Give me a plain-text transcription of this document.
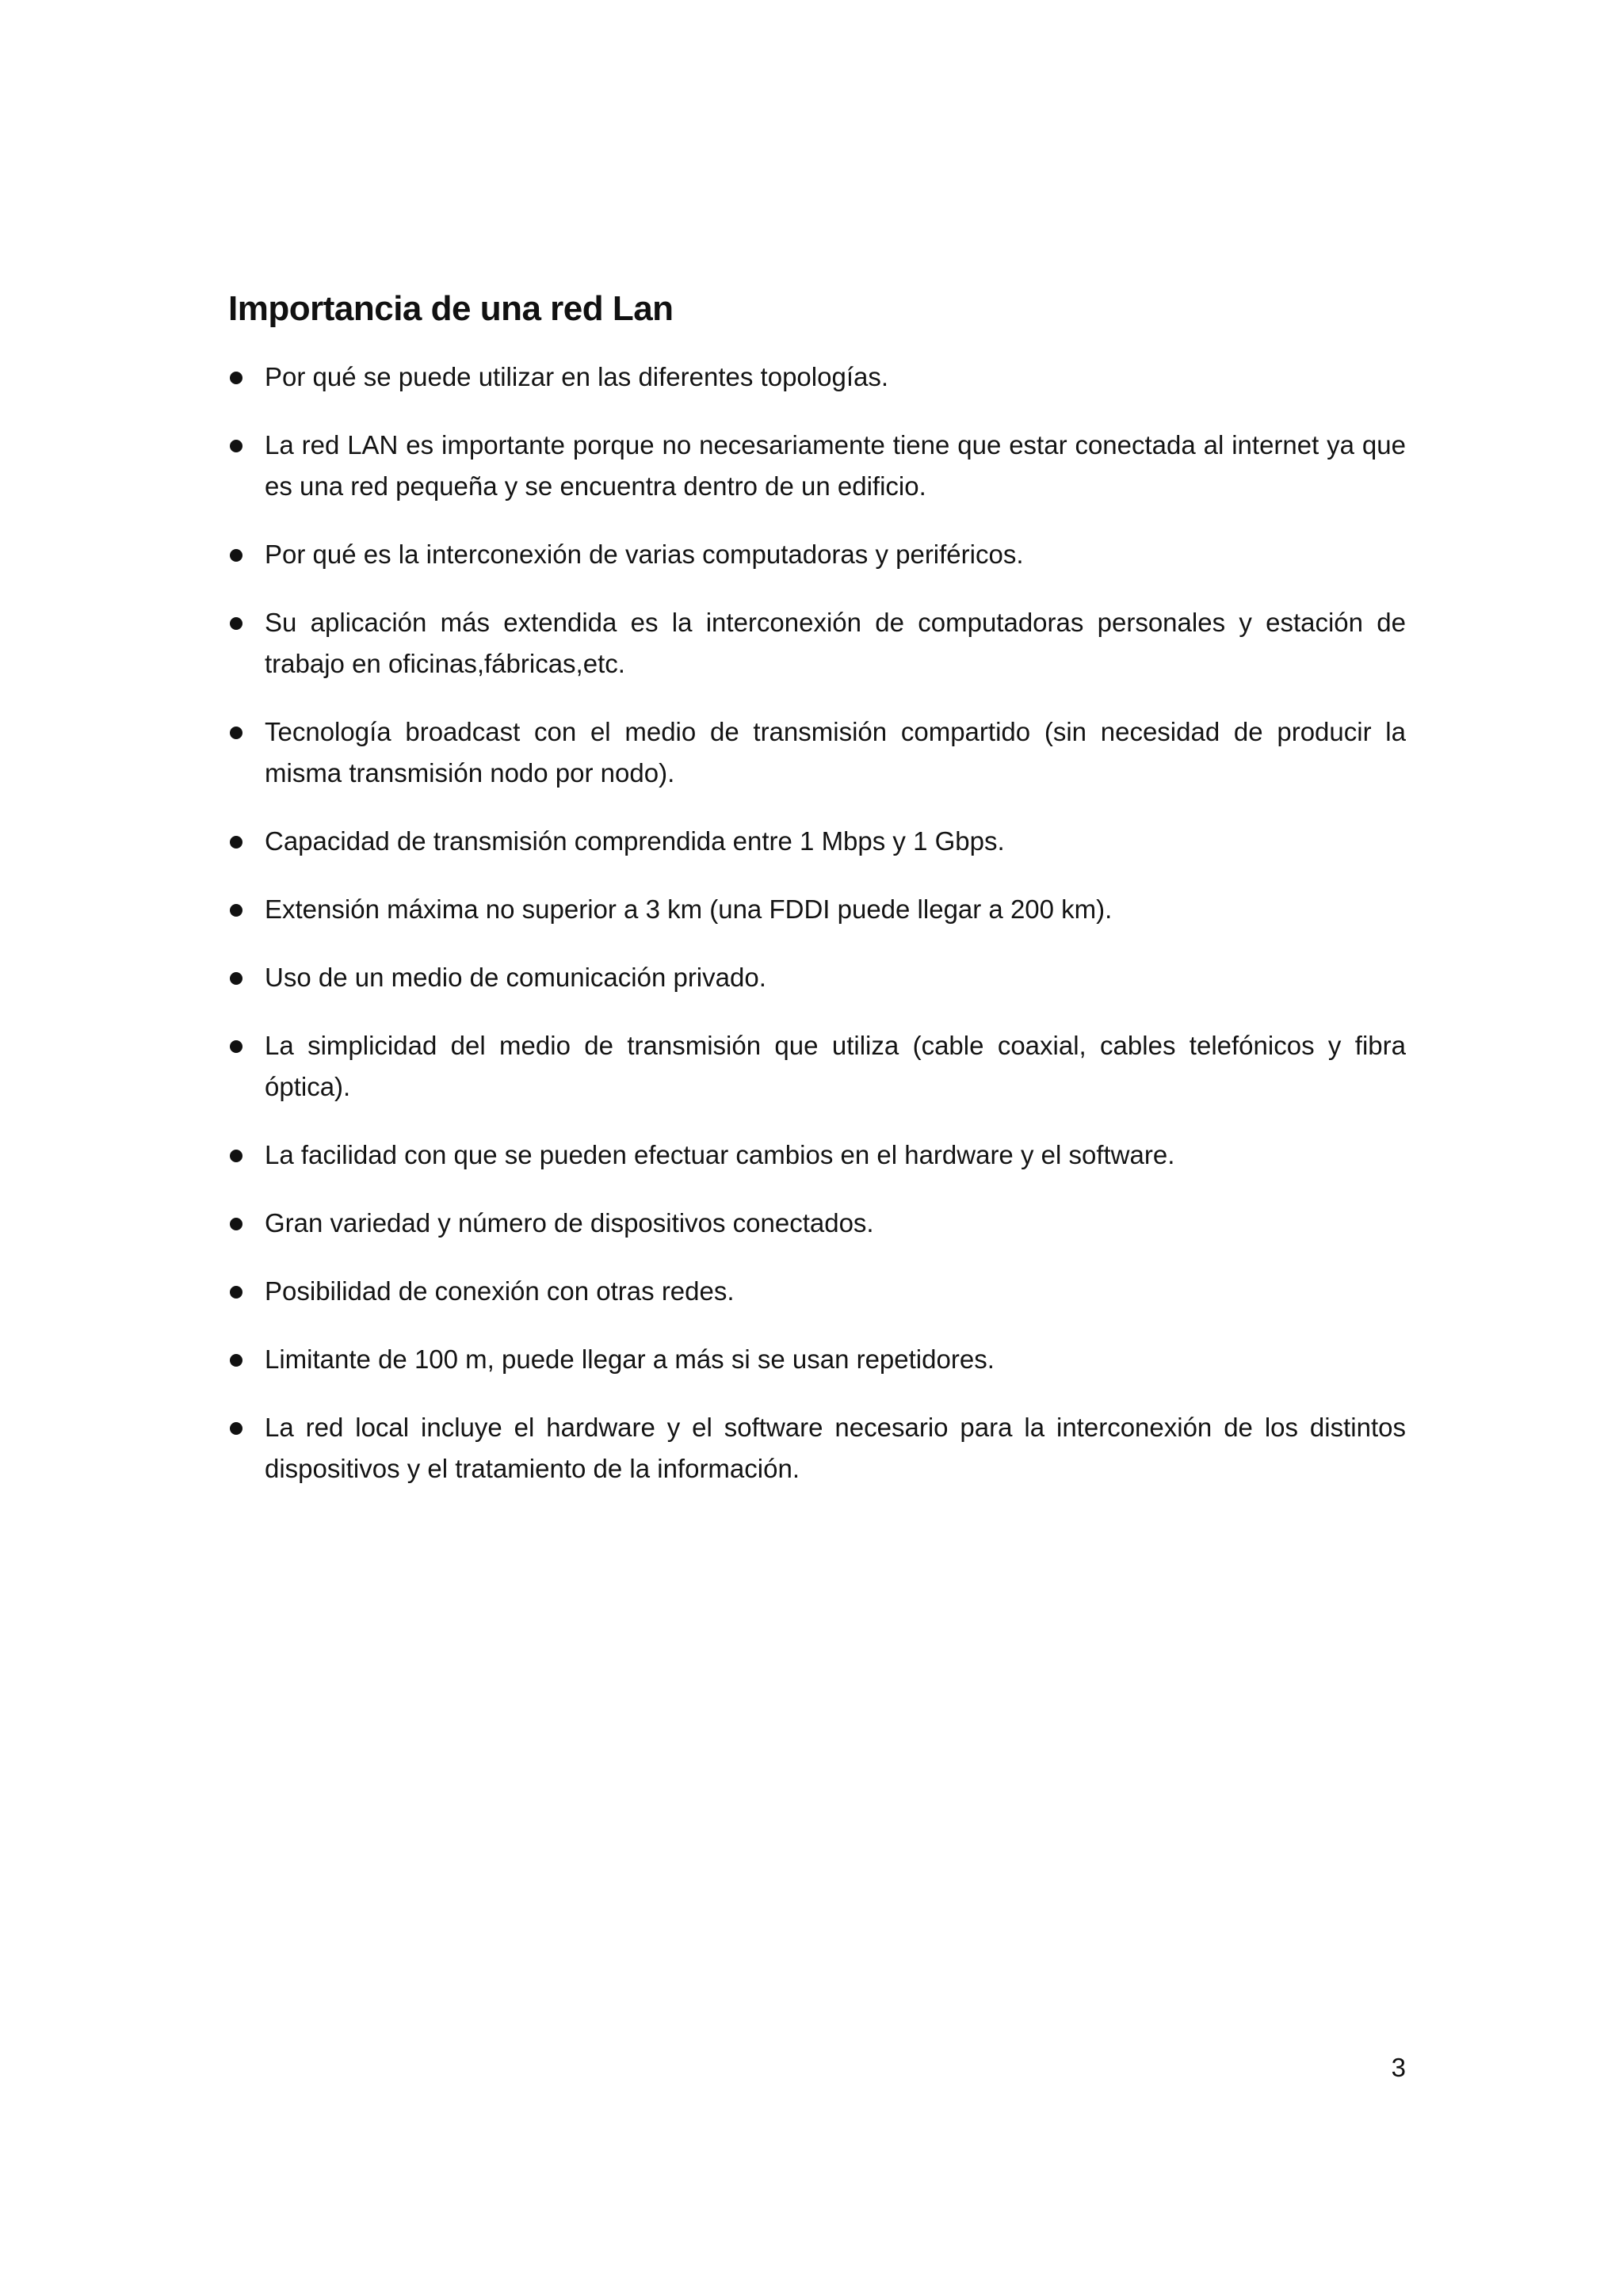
Importancia de una red Lan
Por qué se puede utilizar en las diferentes topologías.
La red LAN es importante porque no necesariamente tiene que estar conectada al internet ya que es una red pequeña y se encuentra dentro de un edificio.
Por qué es la interconexión de varias computadoras y periféricos.
Su aplicación más extendida es la interconexión de computadoras personales y estación de trabajo en oficinas,fábricas,etc.
Tecnología broadcast con el medio de transmisión compartido (sin necesidad de producir la misma transmisión nodo por nodo).
Capacidad de transmisión comprendida entre 1 Mbps y 1 Gbps.
Extensión máxima no superior a 3 km (una FDDI puede llegar a 200 km).
Uso de un medio de comunicación privado.
La simplicidad del medio de transmisión que utiliza (cable coaxial, cables telefónicos y fibra óptica).
La facilidad con que se pueden efectuar cambios en el hardware y el software.
Gran variedad y número de dispositivos conectados.
Posibilidad de conexión con otras redes.
Limitante de 100 m, puede llegar a más si se usan repetidores.
La red local incluye el hardware y el software necesario para la interconexión de los distintos dispositivos y el tratamiento de la información.
3
